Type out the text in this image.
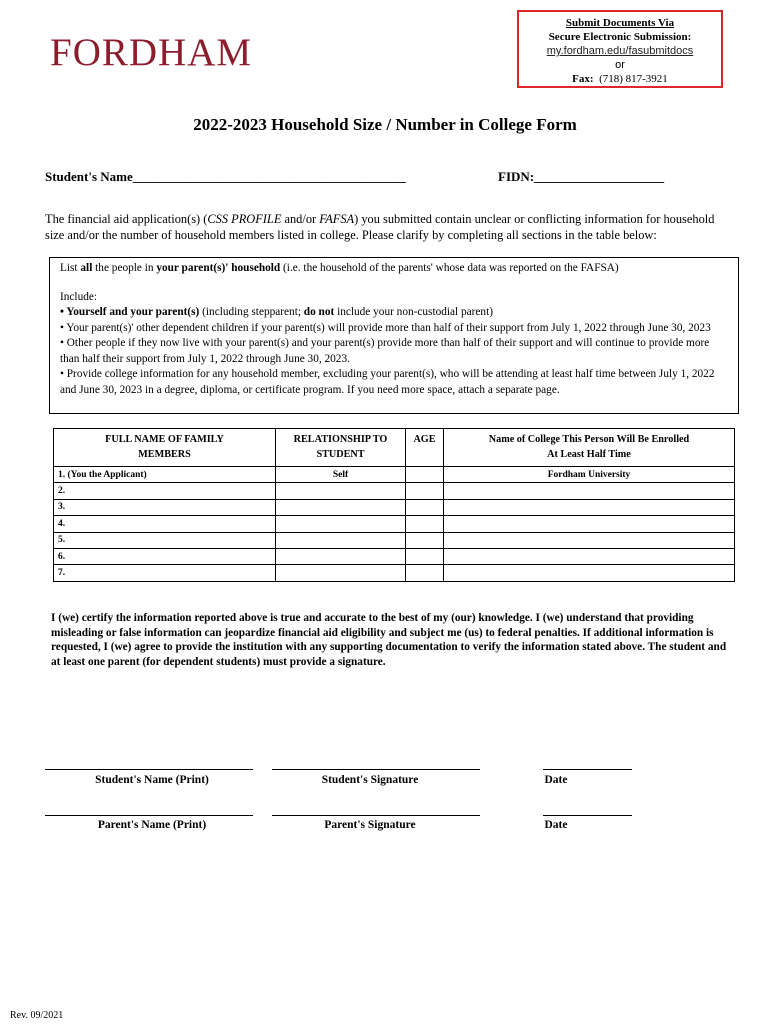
FORDHAM
Submit Documents Via
Secure Electronic Submission:
my.fordham.edu/fasubmitdocs
or
Fax: (718) 817-3921
2022-2023 Household Size / Number in College Form
Student's Name__________________________________________	FIDN:____________________
The financial aid application(s) (CSS PROFILE and/or FAFSA) you submitted contain unclear or conflicting information for household size and/or the number of household members listed in college. Please clarify by completing all sections in the table below:

List all the people in your parent(s)' household (i.e. the household of the parents' whose data was reported on the FAFSA)

Include:

• Yourself and your parent(s) (including stepparent; do not include your non-custodial parent)

• Your parent(s)' other dependent children if your parent(s) will provide more than half of their support from July 1, 2022 through June 30, 2023

• Other people if they now live with your parent(s) and your parent(s) provide more than half of their support and will continue to provide more than half their support from July 1, 2022 through June 30, 2023.

• Provide college information for any household member, excluding your parent(s), who will be attending at least half time between July 1, 2022 and June 30, 2023 in a degree, diploma, or certificate program. If you need more space, attach a separate page.

FULL NAME OF FAMILY
MEMBERS	RELATIONSHIP TO
STUDENT	AGE	Name of College This Person Will Be Enrolled
At Least Half Time
1. (You the Applicant)	Self		Fordham University
2.			
3.			
4.			
5.			
6.			
7.			
I (we) certify the information reported above is true and accurate to the best of my (our) knowledge. I (we) understand that providing misleading or false information can jeopardize financial aid eligibility and subject me (us) to federal penalties. If additional information is requested, I (we) agree to provide the institution with any supporting documentation to verify the information stated above. The student and at least one parent (for dependent students) must provide a signature.
Student's Name (Print)	Student's Signature	Date
Parent's Name (Print)	Parent's Signature	Date
Rev. 09/2021
